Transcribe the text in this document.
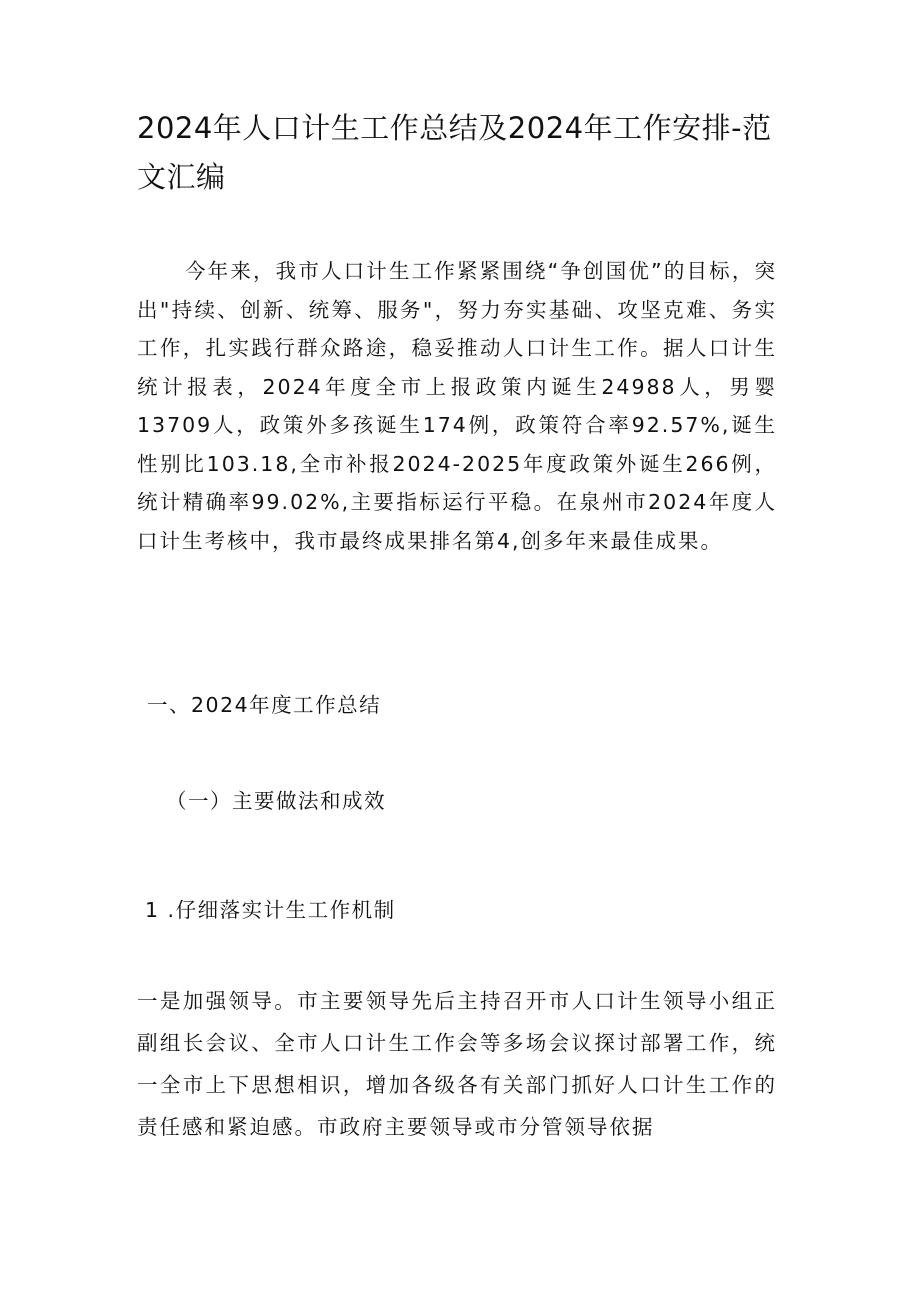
2024年人口计生工作总结及2024年工作安排-范文汇编

今年来，我市人口计生工作紧紧围绕“争创国优”的目标，突出"持续、创新、统筹、服务"，努力夯实基础、攻坚克难、务实工作，扎实践行群众路途，稳妥推动人口计生工作。据人口计生统计报表，2024年度全市上报政策内诞生24988人，男婴13709人，政策外多孩诞生174例，政策符合率92.57%,诞生性别比103.18,全市补报2024-2025年度政策外诞生266例，统计精确率99.02%,主要指标运行平稳。在泉州市2024年度人口计生考核中，我市最终成果排名第4,创多年来最佳成果。

一、2024年度工作总结
（一）主要做法和成效
1 .仔细落实计生工作机制

一是加强领导。市主要领导先后主持召开市人口计生领导小组正副组长会议、全市人口计生工作会等多场会议探讨部署工作，统一全市上下思想相识，增加各级各有关部门抓好人口计生工作的责任感和紧迫感。市政府主要领导或市分管领导依据
